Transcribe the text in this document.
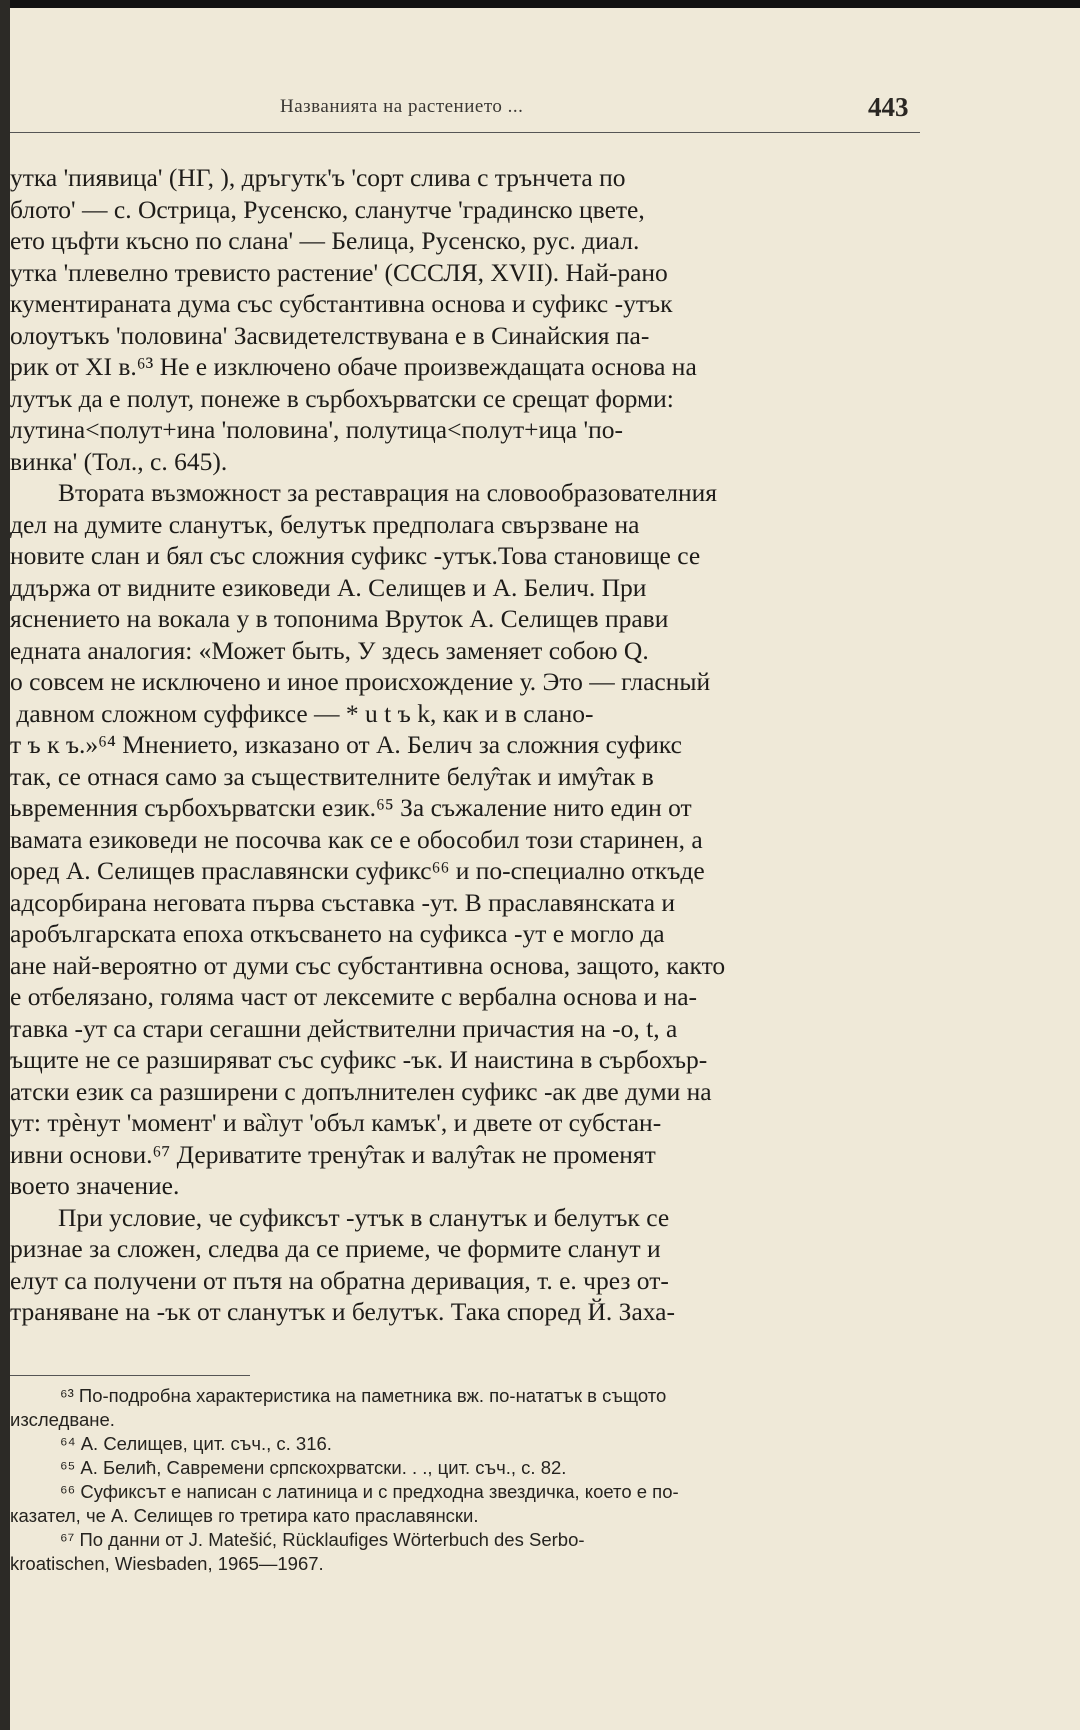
Названията на растението ...	443
утка 'пиявица' (НГ, ), дръгутк'ъ 'сорт слива с трънчета по
блото' — с. Острица, Русенско, сланутче 'градинско цвете,
ето цъфти късно по слана' — Белица, Русенско, рус. диал.
утка 'плевелно тревисто растение' (СССЛЯ, XVII). Най-рано
кументираната дума със субстантивна основа и суфикс -утък
олоутъкъ 'половина' Засвидетелствувана е в Синайския па-
рик от XI в.⁶³ Не е изключено обаче произвеждащата основа на
лутък да е полут, понеже в сърбохърватски се срещат форми:
лутина<полут+ина 'половина', полутица<полут+ица 'по-
винка' (Тол., с. 645).
Втората възможност за реставрация на словообразователния
дел на думите сланутък, белутък предполага свързване на
новите слан и бял със сложния суфикс -утък.Това становище се
ддържа от видните езиковеди А. Селищев и А. Белич. При
яснението на вокала у в топонима Вруток А. Селищев прави
едната аналогия: «Может быть, У здесь заменяет собою Q.
о совсем не исключено и иное происхождение у. Это — гласный
давном сложном суффиксе — * u t ъ k, как и в слано-
т ъ к ъ.»⁶⁴ Мнението, изказано от А. Белич за сложния суфикс
так, се отнася само за съществителните белу̂так и иму̂так в
ьвременния сърбохърватски език.⁶⁵ За съжаление нито един от
вамата езиковеди не посочва как се е обособил този старинен, а
оред А. Селищев праславянски суфикс⁶⁶ и по-специално откъде
адсорбирана неговата първа съставка -ут. В праславянската и
аробългарската епоха откъсването на суфикса -ут е могло да
ане най-вероятно от думи със субстантивна основа, защото, както
е отбелязано, голяма част от лексемите с вербална основа и на-
тавка -ут са стари сегашни действителни причастия на -о, t, а
ъщите не се разширяват със суфикс -ък. И наистина в сърбохър-
атски език са разширени с допълнителен суфикс -ак две думи на
ут: трѐнут 'момент' и ва̏лут 'объл камък', и двете от субстан-
ивни основи.⁶⁷ Дериватите трену̂так и валу̂так не променят
воето значение.
При условие, че суфиксът -утък в сланутък и белутък се
ризнае за сложен, следва да се приеме, че формите сланут и
елут са получени от пътя на обратна деривация, т. е. чрез от-
траняване на -ък от сланутък и белутък. Така според Й. Заха-
⁶³ По-подробна характеристика на паметника вж. по-нататък в същото
изследване.
⁶⁴ А. Селищев, цит. съч., с. 316.
⁶⁵ А. Белић, Савремени српскохрватски. . ., цит. съч., с. 82.
⁶⁶ Суфиксът е написан с латиница и с предходна звездичка, което е по-
казател, че А. Селищев го третира като праславянски.
⁶⁷ По данни от J. Matešić, Rücklaufiges Wörterbuch des Serbo-
kroatischen, Wiesbaden, 1965—1967.
